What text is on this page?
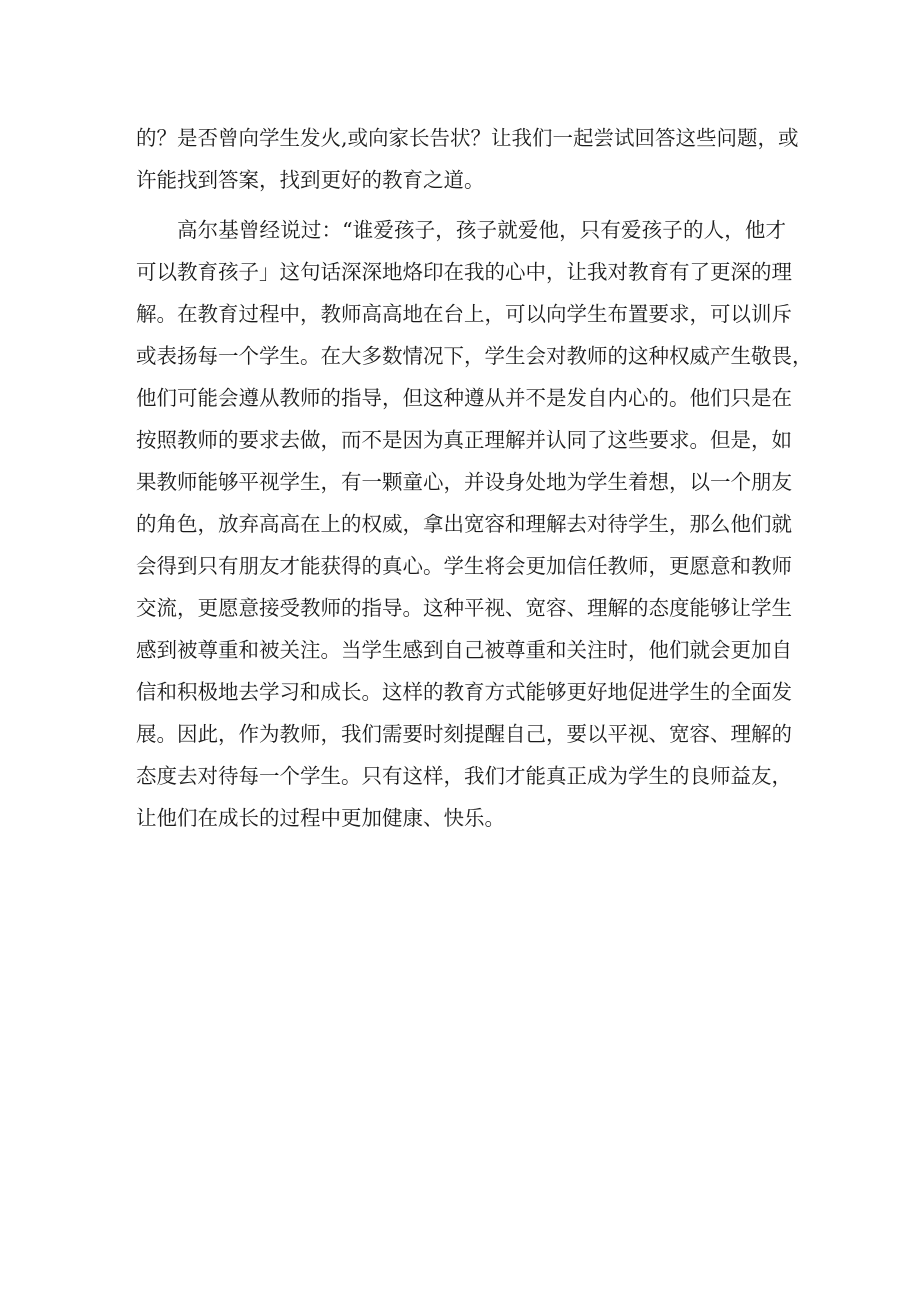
的？是否曾向学生发火,或向家长告状？让我们一起尝试回答这些问题，或
许能找到答案，找到更好的教育之道。
高尔基曾经说过：“谁爱孩子，孩子就爱他，只有爱孩子的人，他才
可以教育孩子」这句话深深地烙印在我的心中，让我对教育有了更深的理
解。在教育过程中，教师高高地在台上，可以向学生布置要求，可以训斥
或表扬每一个学生。在大多数情况下，学生会对教师的这种权威产生敬畏，
他们可能会遵从教师的指导，但这种遵从并不是发自内心的。他们只是在
按照教师的要求去做，而不是因为真正理解并认同了这些要求。但是，如
果教师能够平视学生，有一颗童心，并设身处地为学生着想，以一个朋友
的角色，放弃高高在上的权威，拿出宽容和理解去对待学生，那么他们就
会得到只有朋友才能获得的真心。学生将会更加信任教师，更愿意和教师
交流，更愿意接受教师的指导。这种平视、宽容、理解的态度能够让学生
感到被尊重和被关注。当学生感到自己被尊重和关注时，他们就会更加自
信和积极地去学习和成长。这样的教育方式能够更好地促进学生的全面发
展。因此，作为教师，我们需要时刻提醒自己，要以平视、宽容、理解的
态度去对待每一个学生。只有这样，我们才能真正成为学生的良师益友，
让他们在成长的过程中更加健康、快乐。
